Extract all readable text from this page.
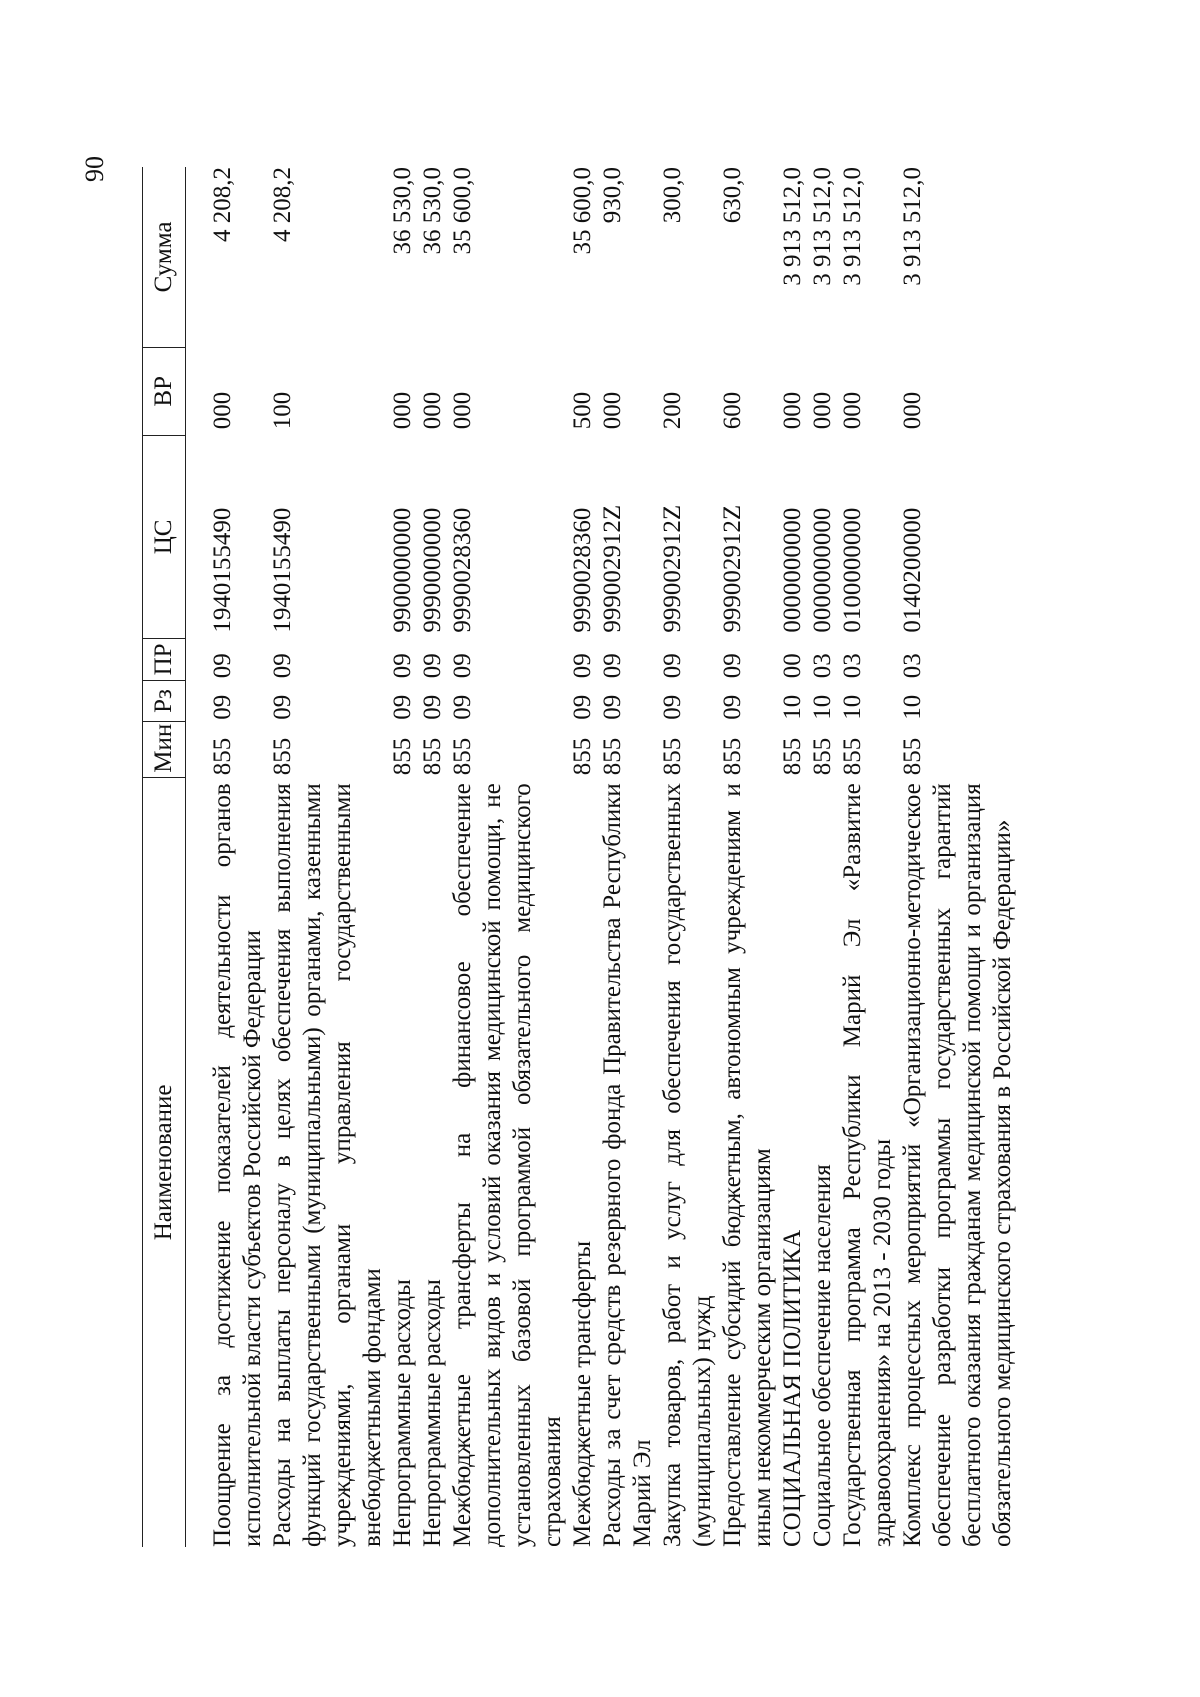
90
Наименование	Мин	Рз	ПР	ЦС	ВР	Сумма
Поощрение за достижение показателей деятельности органов исполнительной власти субъектов Российской Федерации	855	09	09	1940155490	000	4 208,2
Расходы на выплаты персоналу в целях обеспечения выполнения функций государственными (муниципальными) органами, казенными учреждениями, органами управления государственными внебюджетными фондами	855	09	09	1940155490	100	4 208,2
Непрограммные расходы	855	09	09	9900000000	000	36 530,0
Непрограммные расходы	855	09	09	9990000000	000	36 530,0
Межбюджетные трансферты на финансовое обеспечение дополнительных видов и условий оказания медицинской помощи, не установленных базовой программой обязательного медицинского страхования	855	09	09	9990028360	000	35 600,0
Межбюджетные трансферты	855	09	09	9990028360	500	35 600,0
Расходы за счет средств резервного фонда Правительства Республики Марий Эл	855	09	09	999002912Z	000	930,0
Закупка товаров, работ и услуг для обеспечения государственных (муниципальных) нужд	855	09	09	999002912Z	200	300,0
Предоставление субсидий бюджетным, автономным учреждениям и иным некоммерческим организациям	855	09	09	999002912Z	600	630,0
СОЦИАЛЬНАЯ ПОЛИТИКА	855	10	00	0000000000	000	3 913 512,0
Социальное обеспечение населения	855	10	03	0000000000	000	3 913 512,0
Государственная программа Республики Марий Эл «Развитие здравоохранения» на 2013 - 2030 годы	855	10	03	0100000000	000	3 913 512,0
Комплекс процессных мероприятий «Организационно-методическое обеспечение разработки программы государственных гарантий бесплатного оказания гражданам медицинской помощи и организация обязательного медицинского страхования в Российской Федерации»	855	10	03	0140200000	000	3 913 512,0
